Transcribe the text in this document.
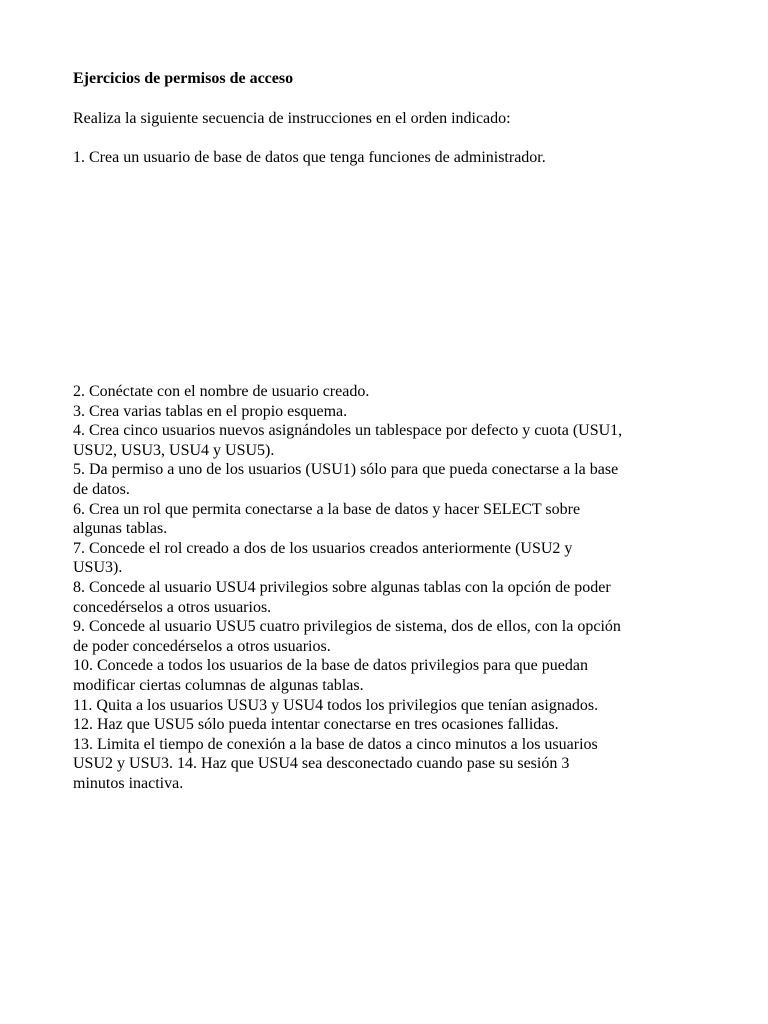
Ejercicios de permisos de acceso
Realiza la siguiente secuencia de instrucciones en el orden indicado:
1. Crea un usuario de base de datos que tenga funciones de administrador.
2. Conéctate con el nombre de usuario creado.
3. Crea varias tablas en el propio esquema.
4. Crea cinco usuarios nuevos asignándoles un tablespace por defecto y cuota (USU1,
USU2, USU3, USU4 y USU5).
5. Da permiso a uno de los usuarios (USU1) sólo para que pueda conectarse a la base
de datos.
6. Crea un rol que permita conectarse a la base de datos y hacer SELECT sobre
algunas tablas.
7. Concede el rol creado a dos de los usuarios creados anteriormente (USU2 y
USU3).
8. Concede al usuario USU4 privilegios sobre algunas tablas con la opción de poder
concedérselos a otros usuarios.
9. Concede al usuario USU5 cuatro privilegios de sistema, dos de ellos, con la opción
de poder concedérselos a otros usuarios.
10. Concede a todos los usuarios de la base de datos privilegios para que puedan
modificar ciertas columnas de algunas tablas.
11. Quita a los usuarios USU3 y USU4 todos los privilegios que tenían asignados.
12. Haz que USU5 sólo pueda intentar conectarse en tres ocasiones fallidas.
13. Limita el tiempo de conexión a la base de datos a cinco minutos a los usuarios
USU2 y USU3. 14. Haz que USU4 sea desconectado cuando pase su sesión 3
minutos inactiva.
